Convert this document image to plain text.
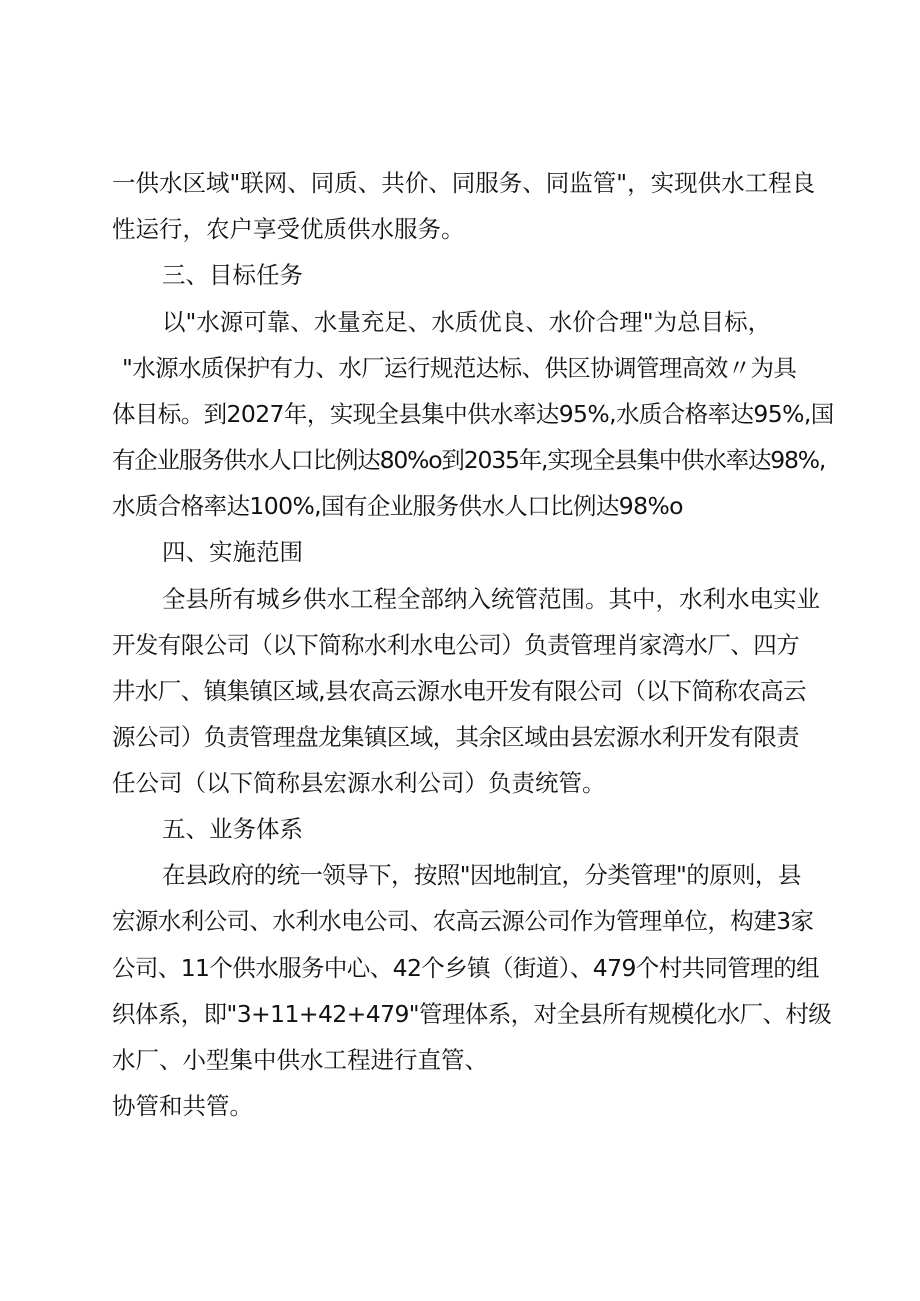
一供水区域"联网、同质、共价、同服务、同监管"，实现供水工程良
性运行，农户享受优质供水服务。
三、目标任务
以"水源可靠、水量充足、水质优良、水价合理"为总目标，
"水源水质保护有力、水厂运行规范达标、供区协调管理高效〃为具
体目标。到2027年，实现全县集中供水率达95%,水质合格率达95%,国
有企业服务供水人口比例达80%o到2035年,实现全县集中供水率达98%,
水质合格率达100%,国有企业服务供水人口比例达98%o
四、实施范围
全县所有城乡供水工程全部纳入统管范围。其中，水利水电实业
开发有限公司（以下简称水利水电公司）负责管理肖家湾水厂、四方
井水厂、镇集镇区域,县农高云源水电开发有限公司（以下简称农高云
源公司）负责管理盘龙集镇区域，其余区域由县宏源水利开发有限责
任公司（以下简称县宏源水利公司）负责统管。
五、业务体系
在县政府的统一领导下，按照"因地制宜，分类管理"的原则，县
宏源水利公司、水利水电公司、农高云源公司作为管理单位，构建3家
公司、11个供水服务中心、42个乡镇（街道）、479个村共同管理的组
织体系，即"3+11+42+479"管理体系，对全县所有规模化水厂、村级
水厂、小型集中供水工程进行直管、
协管和共管。
